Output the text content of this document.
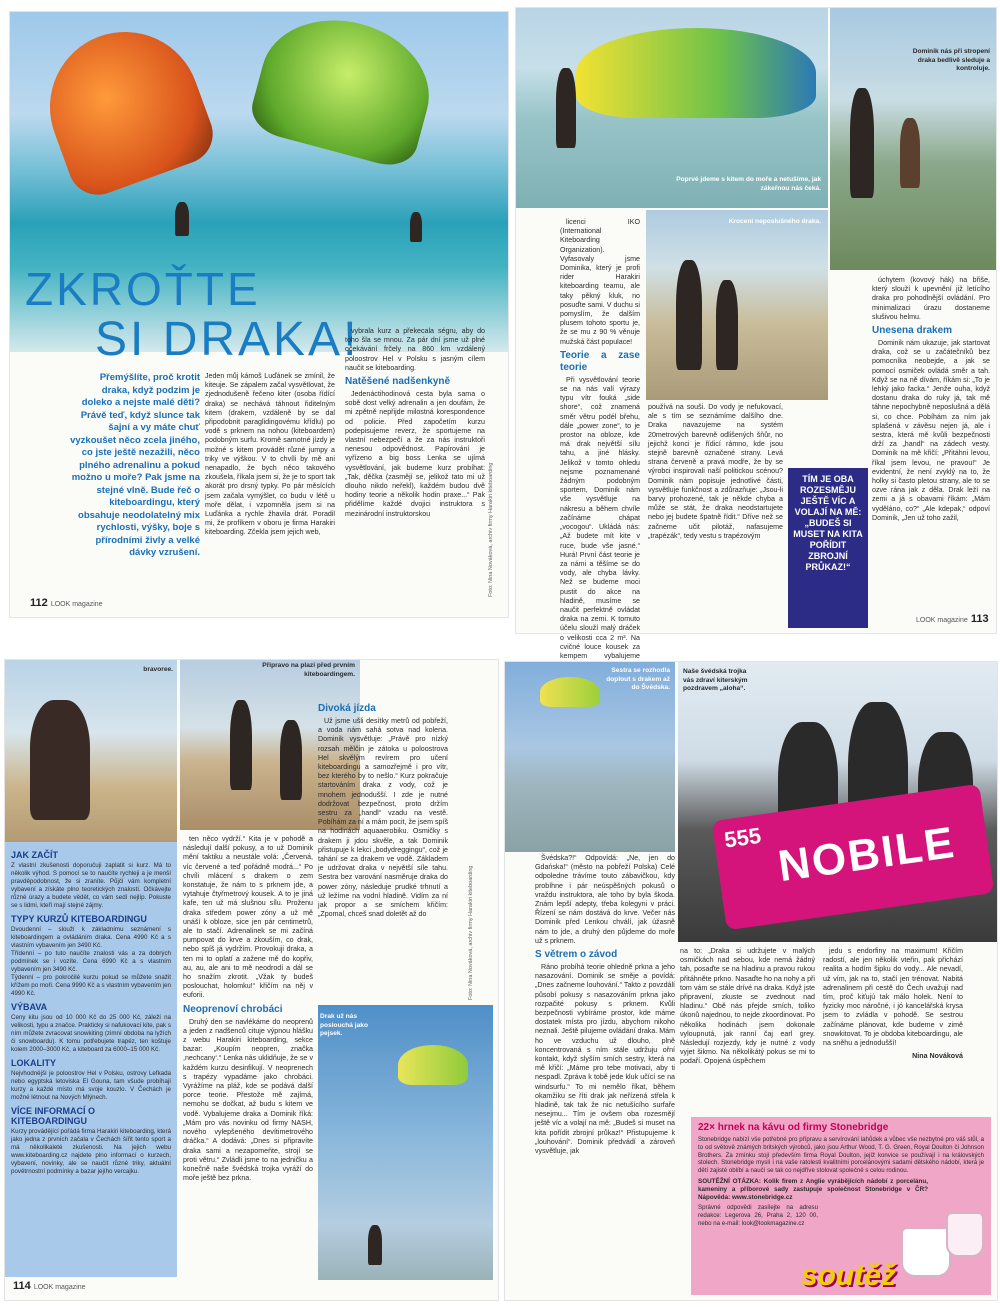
ZKROŤTE
SI DRAKA!
Přemýšlíte, proč krotit draka, když podzim je doleko a nejste malé děti? Právě teď, když slunce tak šajní a vy máte chuť vyzkoušet něco zcela jiného, co jste ještě nezažili, něco plného adrenalinu a pokud možno u moře? Pak jsme na stejné vlně. Bude řeč o kiteboardingu, který obsahuje neodolatelný mix rychlosti, výšky, boje s přírodními živly a velké dávky vzrušení.
Jeden můj kámoš Luďánek se zmínil, že kiteuje. Se zápalem začal vysvětlovat, že zjednodušeně řečeno kiter (osoba řídící draka) se nechává táhnout řiditelným kitem (drakem, vzdáleně by se dal připodobnit paraglidingovému křídlu) po vodě s prknem na nohou (kiteboardem) podobným surfu. Kromě samotné jízdy je možné s kitem provádět různé jumpy a triky ve výškou. V to chvíli by mě ani nenapadlo, že bych něco takového zkoušela, říkala jsem si, že je to sport tak akorát pro drsný typky. Po pár měsících jsem začala vymýšlet, co budu v létě u moře dělat, i vzpomněla jsem si na Luďánka a rychle žhavila drát. Poradil mi, že profíkem v oboru je firma Harakiri kiteboarding. Zčekla jsem jejich web,

vybrala kurz a překecala ségru, aby do toho šla se mnou. Za pár dní jsme už plné očekávání frčely na 860 km vzdálený poloostrov Hel v Polsku s jasným cílem naučit se kiteboarding.

Natěšené nadšenkyně

Jedenáctihodinová cesta byla sama o sobě dost velký adrenalin a jen doufám, že mi zpětně nepřijde milostná korespondence od policie. Před započetím kurzu podepisujeme reverz, že sportujeme na vlastní nebezpečí a že za nás instruktoři nenesou odpovědnost. Papírování je vyřízeno a big boss Lenka se ujímá vysvětlování, jak budeme kurz probíhat: „Tak, děčka (zasmějí se, jelikož tato mi už dlouho nikdo neřekl), každém budou dvě hodiny teorie a několik hodin praxe...“ Pak přidělíme každé dvojici instruktora s mezinárodní instruktorskou	Foto: Nina Nováková, archiv firmy Harakiri kiteboarding
112 LOOK magazine
Poprvé jdeme s kitem do moře a netušíme, jak zákeřnou nás čeká.
Dominik nás při stropení draka bedlivě sleduje a kontroluje.
Krocení neposlušného draka.

licenci IKO (International Kiteboarding Organization). Vyfasovaly jsme Dominika, který je profi rider Harakiri kiteboarding teamu, ale taky pěkný kluk, no posuďte sami. V duchu si pomyslím, že dalším plusem tohoto sportu je, že se mu z 90 % věnuje mužská část populace!

Teorie a zase teorie

Při vysvětlování teorie se na nás valí výrazy typu vítr fouká „side shore“, což znamená směr větru podél břehu, dále „power zone“, to je prostor na obloze, kde má drak největší sílu tahu, a jiné hlásky. Jelikož v tomto ohledu nejsme poznamenané žádným podobným sportem, Dominik nám vše vysvětluje na nákresu a během chvíle začínáme chápat „vocogou“. Ukládá nás: „Až budete mít kite v ruce, bude vše jasné.“ Hurá! První část teorie je za námi a těšíme se do vody, ale chyba lávky. Než se budeme moci pustit do akce na hladině, musíme se naučit perfektně ovládat draka na zemi. K tomuto účelu slouží malý dráček o velikosti cca 2 m². Na cvičné louce kousek za kempem vybalujeme

používá na souši. Do vody je nefukovací, ale s tím se seznámíme dalšího dne. Draka navazujeme na systém 20metrových barevně odlišených šňůr, no jejichž konci je řídicí rámno, kde jsou stejně barevně označené strany. Levá strana červeně a pravá modře, že by se výrobci inspirovali naší politickou scénou? Dominik nám popisuje jednotlivé části, vysvětluje funkčnost a zdůrazňuje: „Jsou-li barvy prohozené, tak je někde chyba a může se stát, že draka neodstartujete nebo jej budete špatně řídit.“ Dříve než se začneme učit pilotáž, nafasujeme „trapézák“, tedy vestu s trapézovým
TÍM JE OBA ROZESMĚJU JEŠTĚ VÍC A VOLAJÍ NA MĚ: „BUDEŠ SI MUSET NA KITA POŘÍDIT ZBROJNÍ PRŮKAZ!“

úchytem (kovový hák) na břiše, který slouží k upevnění již letícího draka pro pohodlnější ovládání. Pro minimalizaci úrazu dostaneme slušivou helmu.

Unesena drakem

Dominik nám ukazuje, jak startovat draka, což se u začátečníků bez pomocníka neobejde, a jak se pomocí osmiček ovládá směr a tah. Když se na ně dívám, říkám si: „To je lehký jako facka.“ Jenže ouha, když dostanu draka do ruky já, tak mě táhne nepochybně neposlušná a dělá si, co chce. Pobíhám za ním jak splašená v závěsu nejen já, ale i sestra, která mě kvůli bezpečnosti drží za „handl“ na zádech vesty. Dominik na mě křičí: „Přitáhni levou, říkal jsem levou, ne pravou!“ Je evidentní, že není zvyklý na to, že holky si často pletou strany, ale to se ozve rána jak z děla. Drak leží na zemi a já s obavami říkám: „Mám vyděláno, co?“ „Ale kdepak,“ odpoví Dominik, „Jen už toho zažil,

LOOK magazine 113
bravoree.
Připravo na plazí před prvním kiteboardingem.
JAK ZAČÍT
Z vlastní zkušenosti doporučuji zaplatit si kurz. Má to několik výhod. S pomocí se to naučíte rychleji a je menší pravděpodobnost, že si zraníte. Půjčí vám kompletní vybavení a získáte plno teoretických znalostí. Očkávejte různé úrazy a budete vědět, co vám sedí nejlíp. Pokuste se s lidmi, kteří mají stejné zájmy.
TYPY KURZŮ KITEBOARDINGU
Dvoudenní – slouží k základnímu seznámení s kiteboardingem a ovládáním draka. Cena 4990 Kč a s vlastním vybavením jen 3490 Kč.
Třídenní – po tuto naučíte znalosti vás a za dobrých podmínek se i vozíte. Cena 6990 Kč a s vlastním vybavením jen 3490 Kč.
Týdenní – pro pokročilé kurzu pokud se můžete snažit křížem po moři. Cena 9990 Kč a s vlastním vybavením jen 4990 Kč.
VÝBAVA
Ceny kitu jsou od 10 000 Kč do 25 000 Kč, záleží na velikosti, typu a značce. Prakticky si nafukovací kite, pak s ním můžete zvracovat snowkiting (zimní obdoba na lyžích či snowboardu). K tomu potřebujete trapéz, ten koštuje kolem 2000–3000 Kč, a kiteboard za 6000–15 000 Kč.
LOKALITY
Nejvhodnější je poloostrov Hel v Polsku, ostrovy Lefkada nebo egyptská letoviska El Gouna, tam všude probíhají kurzy a každé místo má svoje kouzlo. V Čechách je možné létnout na Nových Mlýnech.
VÍCE INFORMACÍ O KITEBOARDINGU
Kurzy provádějící pořádá firma Harakiri kiteboarding, která jako jedna z prvních začala v Čechách šířit tento sport a má několikaleté zkušenosti. Na jejich webu www.kiteboarding.cz najdete plno informací o kurzech, vybavení, novinky, ale se naučit různé triky, aktuální povětrnostní podmínky a bazar jejího vercajku.

ten něco vydrží.“ Kita je v pohodě a následují další pokusy, a to už Dominik mění taktiku a neustále volá: „Červená, víc červené a teď pořádně modrá...“ Po chvíli mlácení s drakem o zem konstatuje, že nám to s prknem jde, a vytahuje čtyřmetrový kousek. A to je jiná kafe, ten už má slušnou sílu. Proženu draka středem power zóny a už mě unáší k obloze, sice jen pár centimetrů, ale to stačí. Adrenalinek se mi začíná pumpovat do krve a zkouším, co drak, nebo spíš já vydržím. Provokuji draka, a ten mi to oplatí a zažene mě do kopřiv, au, au, ale ani to mě neodrodí a dál se ho snažím zkrotit. „Vžak ty budeš poslouchat, holomku!“ křičím na něj v euforii.

Neoprenoví chrobáci

Druhý den se navlékáme do neoprenů a jeden z nadšenců cituje výpnou hlášku z webu Harakiri kiteboarding, sekce bazar: „Koupím neopren, značka ,nechcany‘.“ Lenka nás uklidňuje, že se v každém kurzu desinfikují. V neoprenech s trapézy vypadáme jako chrobáci. Vyrážíme na pláž, kde se podává další porce teorie. Přestože mě zajímá, nemohu se dočkat, až budu s kitem ve vodě. Vybalujeme draka a Dominik říká: „Mám pro vás novinku od firmy NASH, nového vylepšeného devítimetrového dráčka.“ A dodává: „Dnes si připravíte draka sami a nezapomeňte, strojí se proti větru.“ Zvládli jsme to na jedničku a konečně naše švédská trojka vyráží do moře ještě bez prkna.

Divoká jízda

Už jsme ušli desítky metrů od pobřeží, a voda nám sahá sotva nad kolena. Dominik vysvětluje: „Právě pro nízký rozsah mělčin je zátoka u poloostrova Hel skvělým revírem pro učení kiteboardingu a samozřejmě i pro vítr, bez kterého by to nešlo.“ Kurz pokračuje startováním draka z vody, což je mnohem jednodušší. I zde je nutné dodržovat bezpečnost, proto držím sestru za „handl“ vzadu na vestě. Pobíhám za ní a mám pocit, že jsem spíš na hodinách aquaaerobiku. Osmičky s drakem ji jdou skvěle, a tak Dominik přistupuje k lekci „bodydreggingu“, což je tahání se za drakem ve vodě. Základem je udržovat draka v největší síle tahu. Sestra bez varování nasměruje draka do power zóny, následuje prudké trhnutí a už ležíme na vodní hladině. Vidím za ní jak propor a se smíchem křičím: „Zpomal, chceš snad doletět až do

Drak už nás poslouchá jako pejsek.
Foto: Nina Nováková, archiv firmy Harakiri kiteboarding
114 LOOK magazine
Sestra se rozhodla doplout s drakem až do Švédska.
555 NOBILE
Naše švédská trojka vás zdraví kiterským pozdravem „aloha“.

Švédska?!“ Odpovídá: „Ne, jen do Gdańska!“ (město na pobřeží Polska) Celé odpoledne trávíme touto zábavičkou, kdy probíhne i pár neúspěšných pokusů o vraždu instruktora, ale toho by byla škoda. Znám lepší adepty, třeba kolegyni v práci. Řízení se nám dostává do krve. Večer nás Dominik před Lenkou chválí, jak úžasně nám to jde, a druhý den půjdeme do moře už s prknem.

S větrem o závod

Ráno probíhá teorie ohledně prkna a jeho nasazování. Dominik se směje a povídá: „Dnes začneme louhování.“ Takto z povzdálí působí pokusy s nasazováním prkna jako rozpačité pokusy s prknem. Kvůli bezpečnosti vybíráme prostor, kde máme dostatek místa pro jízdu, abychom nikoho neznali. Ještě pilujeme ovládání draka. Mám ho ve vzduchu už dlouho, plně koncentrovaná s ním stále udržuju ořní kontakt, když slyším smích sestry, která na mě křičí: „Máme pro tebe motivaci, aby ti nespadl. Zpráva k tobě jede kluk učící se na windsurfu.“ To mi nemělo říkat, během okamžiku se říti drak jak neřízená střela k hladině, tak tak že nic netušícího surfaře nesejmu... Tím je ovšem oba rozesmějí ještě víc a volají na mě: „Budeš si muset na kita pořídit zbrojní průkaz!“ Přistupujeme k „louhování“. Dominik předvádí a zároveň vysvětluje, jak

na to: „Draka si udržujete v malých osmičkách nad sebou, kde nemá žádný tah, posaďte se na hladinu a pravou rukou přitáhněte prkno. Nasaďte ho na nohy a při tom vám se stále drívé na draka. Když jste připravení, zkuste se zvednout nad hladinu.“ Obě nás přejde smích, toliko úkonů najednou, to nejde zkoordinovat. Po několika hodinách jsem dokonale vyloupnutá, jak ranní čaj earl grey. Následují rozjezdy, kdy je nutné z vody vyjet šikmo. Na několikátý pokus se mi to podaří. Opojená úspěchem

jedu s endorfiny na maximum! Křičím radostí, ale jen několik vteřin, pak přichází realita a hodím šipku do vody... Ale nevadí, už vím, jak na to, stačí jen trénovat. Nabitá adrenalinem při cestě do Čech uvažuji nad tím, proč kiťujú tak málo holek. Není to fyzicky moc náročné, i jó kancelářská krysa jsem to zvládla v pohodě. Se sestrou začínáme plánovat, kde budeme v zimě snowkitovat. To je obdoba kiteboardingu, ale na sněhu a jednodušší!

Nina Nováková

22× hrnek na kávu od firmy Stonebridge
Stonebridge nabízí vše potřebné pro přípravu a servírování lahůdek a vůbec vše nezbytné pro váš stůl, a to od světově známých britských výrobců, jako jsou Arthur Wood, T. G. Green, Royal Doulton či Johnson Brothers. Za zmínku stojí především firma Royal Doulton, jejíž konvice se používají i na královských stolech. Stonebridge myslí i na vaše ratolesti kvalitními porcelánovými sadami dětského nádobí, která je dětí zajisté oblíbí a naučí se tak co nejdříve stolovat společně s celou rodinou.
SOUTĚŽNÍ OTÁZKA: Kolik firem z Anglie vyrábějících nádobí z porcelánu, kameniny a příborové sady zastupuje společnost Stonebridge v ČR? Nápověda: www.stonebridge.cz
Správné odpovědi zasílejte na adresu redakce: Legerova 26, Praha 2, 120 00, nebo na e-mail: look@lookmagazine.cz
soutěž
